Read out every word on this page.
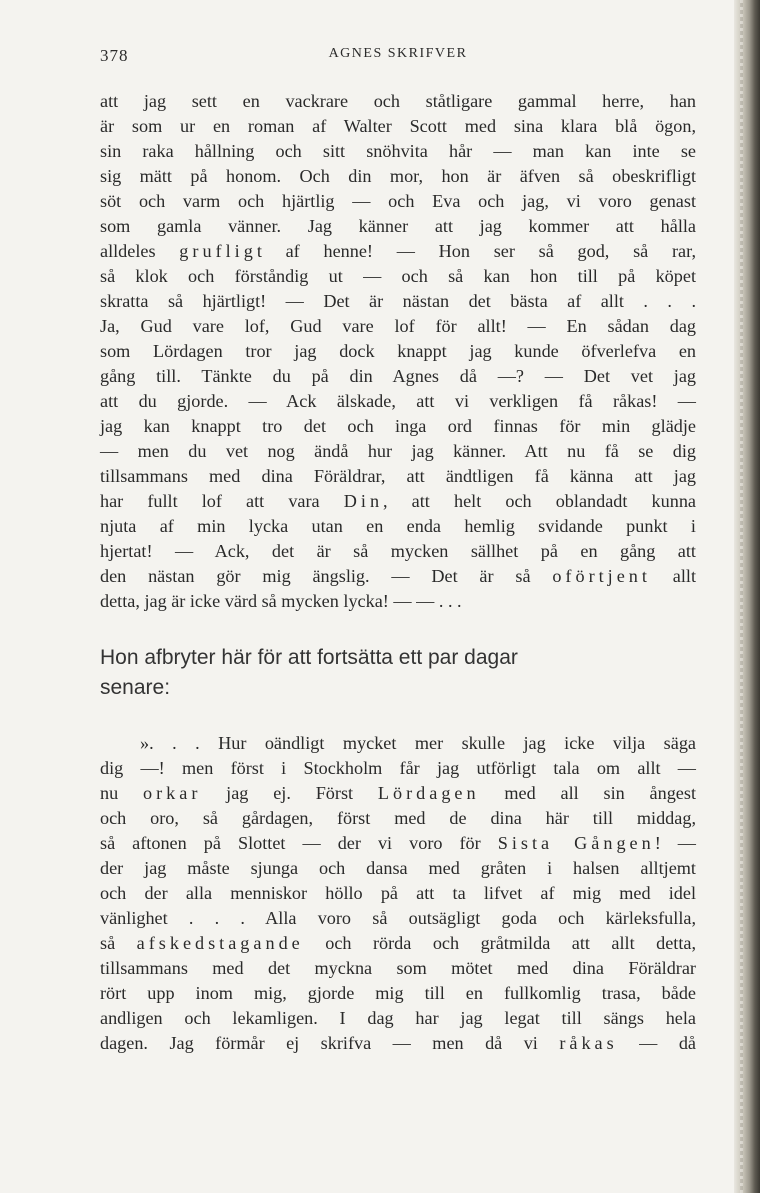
378	AGNES SKRIFVER
att jag sett en vackrare och ståtligare gammal herre, han
är som ur en roman af Walter Scott med sina klara blå ögon,
sin raka hållning och sitt snöhvita hår — man kan inte se
sig mätt på honom. Och din mor, hon är äfven så obeskrifligt
söt och varm och hjärtlig — och Eva och jag, vi voro genast
som gamla vänner. Jag känner att jag kommer att hålla
alldeles grufligt af henne! — Hon ser så god, så rar,
så klok och förståndig ut — och så kan hon till på köpet
skratta så hjärtligt! — Det är nästan det bästa af allt . . .
Ja, Gud vare lof, Gud vare lof för allt! — En sådan dag
som Lördagen tror jag dock knappt jag kunde öfverlefva en
gång till. Tänkte du på din Agnes då —? — Det vet jag
att du gjorde. — Ack älskade, att vi verkligen få råkas! —
jag kan knappt tro det och inga ord finnas för min glädje
— men du vet nog ändå hur jag känner. Att nu få se dig
tillsammans med dina Föräldrar, att ändtligen få känna att jag
har fullt lof att vara Din, att helt och oblandadt kunna
njuta af min lycka utan en enda hemlig svidande punkt i
hjertat! — Ack, det är så mycken sällhet på en gång att
den nästan gör mig ängslig. — Det är så oförtjent allt
detta, jag är icke värd så mycken lycka! — — . . .
Hon afbryter här för att fortsätta ett par dagar
senare:
». . . Hur oändligt mycket mer skulle jag icke vilja säga
dig —! men först i Stockholm får jag utförligt tala om allt —
nu orkar jag ej. Först Lördagen med all sin ångest
och oro, så gårdagen, först med de dina här till middag,
så aftonen på Slottet — der vi voro för Sista Gången! —
der jag måste sjunga och dansa med gråten i halsen alltjemt
och der alla menniskor höllo på att ta lifvet af mig med idel
vänlighet . . . Alla voro så outsägligt goda och kärleksfulla,
så afskedstagande och rörda och gråtmilda att allt detta,
tillsammans med det myckna som mötet med dina Föräldrar
rört upp inom mig, gjorde mig till en fullkomlig trasa, både
andligen och lekamligen. I dag har jag legat till sängs hela
dagen. Jag förmår ej skrifva — men då vi råkas — då
